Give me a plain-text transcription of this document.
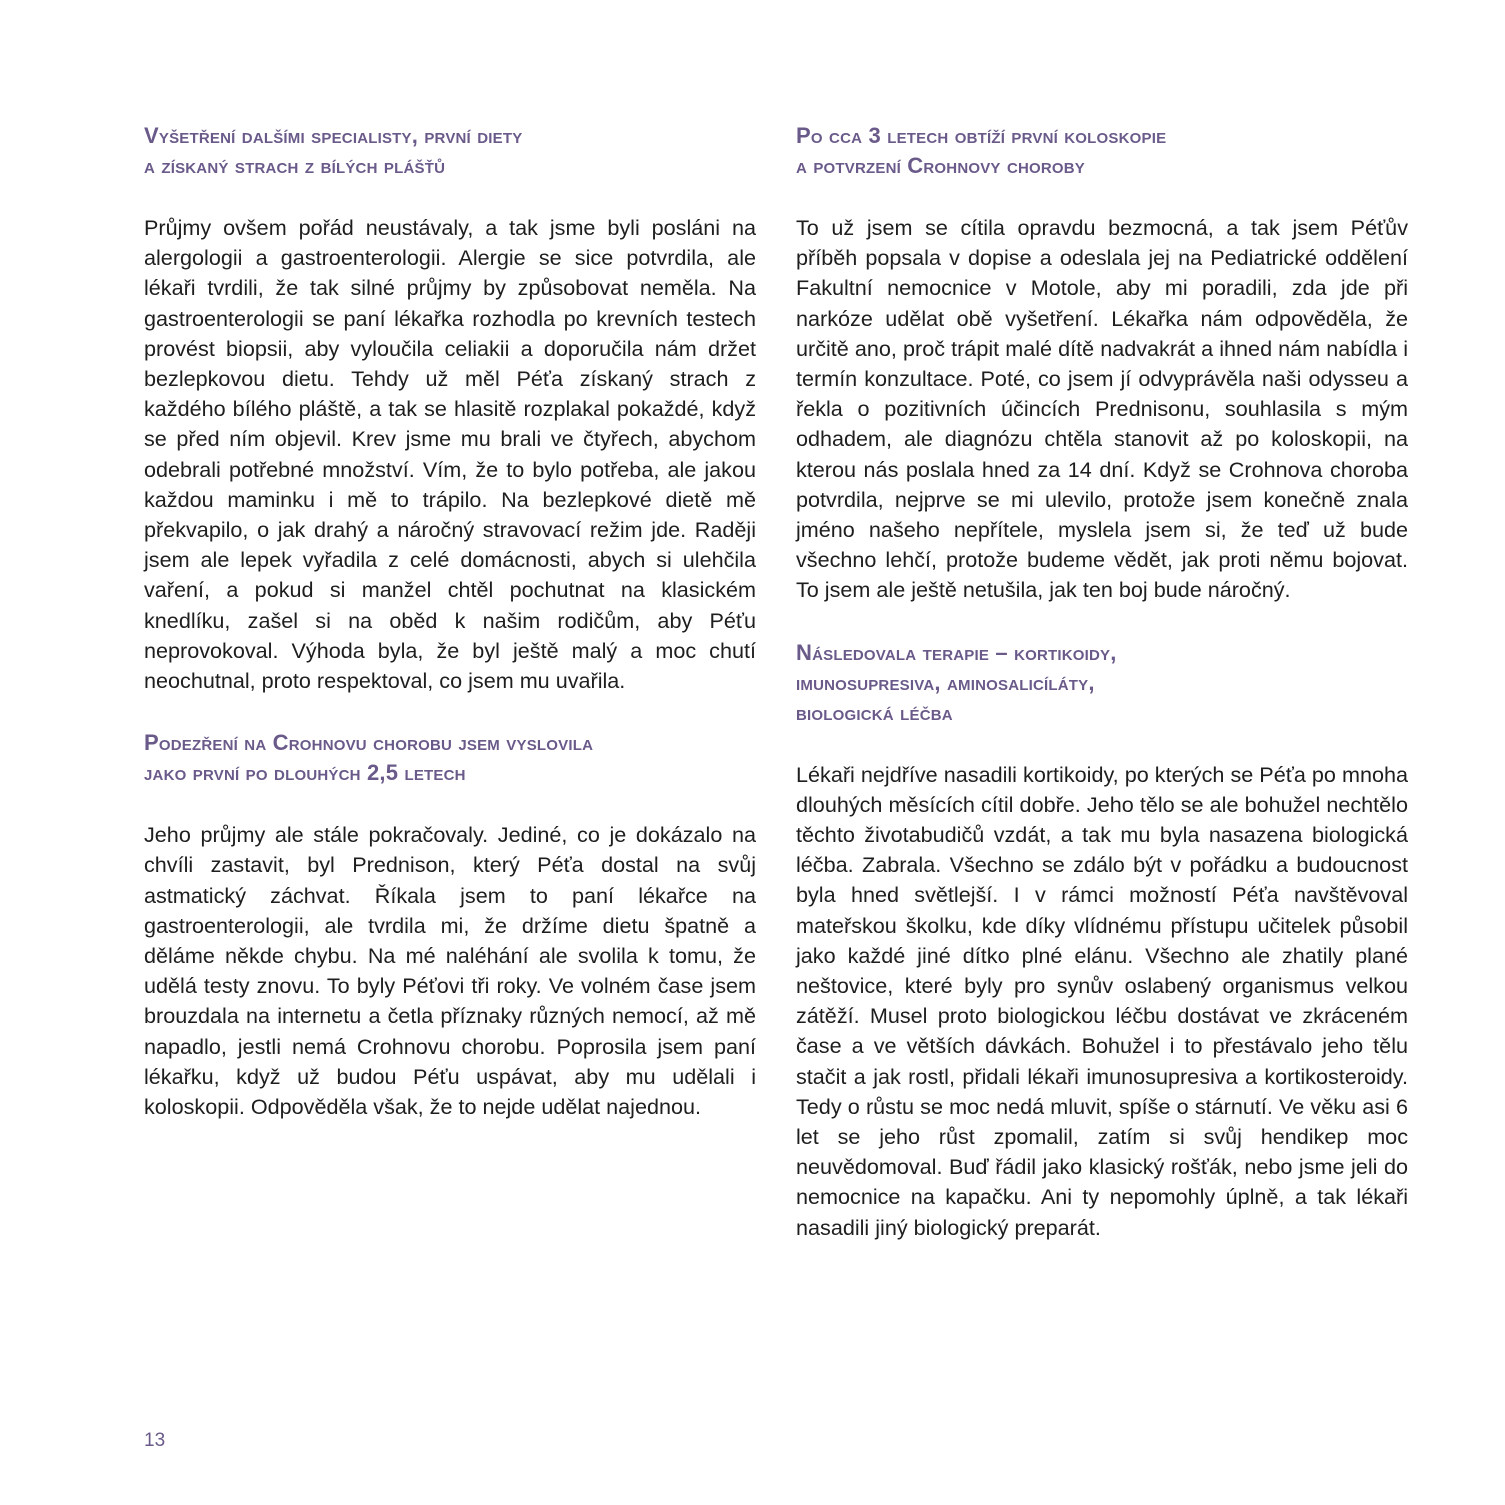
Vyšetření dalšími specialisty, první diety
a získaný strach z bílých plášťů

Průjmy ovšem pořád neustávaly, a tak jsme byli posláni na alergologii a gastroenterologii. Alergie se sice potvrdila, ale lékaři tvrdili, že tak silné průjmy by způsobovat neměla. Na gastroenterologii se paní lékařka rozhodla po krevních testech provést biopsii, aby vyloučila celiakii a doporučila nám držet bezlepkovou dietu. Tehdy už měl Péťa získaný strach z každého bílého pláště, a tak se hlasitě rozplakal pokaždé, když se před ním objevil. Krev jsme mu brali ve čtyřech, abychom odebrali potřebné množství. Vím, že to bylo potřeba, ale jakou každou maminku i mě to trápilo. Na bezlepkové dietě mě překvapilo, o jak drahý a náročný stravovací režim jde. Raději jsem ale lepek vyřadila z celé domácnosti, abych si ulehčila vaření, a pokud si manžel chtěl pochutnat na klasickém knedlíku, zašel si na oběd k našim rodičům, aby Péťu neprovokoval. Výhoda byla, že byl ještě malý a moc chutí neochutnal, proto respektoval, co jsem mu uvařila.

Podezření na Crohnovu chorobu jsem vyslovila
jako první po dlouhých 2,5 letech

Jeho průjmy ale stále pokračovaly. Jediné, co je dokázalo na chvíli zastavit, byl Prednison, který Péťa dostal na svůj astmatický záchvat. Říkala jsem to paní lékařce na gastroenterologii, ale tvrdila mi, že držíme dietu špatně a děláme někde chybu. Na mé naléhání ale svolila k tomu, že udělá testy znovu. To byly Péťovi tři roky. Ve volném čase jsem brouzdala na internetu a četla příznaky různých nemocí, až mě napadlo, jestli nemá Crohnovu chorobu. Poprosila jsem paní lékařku, když už budou Péťu uspávat, aby mu udělali i koloskopii. Odpověděla však, že to nejde udělat najednou.

Po cca 3 letech obtíží první koloskopie
a potvrzení Crohnovy choroby

To už jsem se cítila opravdu bezmocná, a tak jsem Péťův příběh popsala v dopise a odeslala jej na Pediatrické oddělení Fakultní nemocnice v Motole, aby mi poradili, zda jde při narkóze udělat obě vyšetření. Lékařka nám odpověděla, že určitě ano, proč trápit malé dítě nadvakrát a ihned nám nabídla i termín konzultace. Poté, co jsem jí odvyprávěla naši odysseu a řekla o pozitivních účincích Prednisonu, souhlasila s mým odhadem, ale diagnózu chtěla stanovit až po koloskopii, na kterou nás poslala hned za 14 dní. Když se Crohnova choroba potvrdila, nejprve se mi ulevilo, protože jsem konečně znala jméno našeho nepřítele, myslela jsem si, že teď už bude všechno lehčí, protože budeme vědět, jak proti němu bojovat. To jsem ale ještě netušila, jak ten boj bude náročný.

Následovala terapie – kortikoidy,
imunosupresiva, aminosalicíláty,
biologická léčba

Lékaři nejdříve nasadili kortikoidy, po kterých se Péťa po mnoha dlouhých měsících cítil dobře. Jeho tělo se ale bohužel nechtělo těchto životabudičů vzdát, a tak mu byla nasazena biologická léčba. Zabrala. Všechno se zdálo být v pořádku a budoucnost byla hned světlejší. I v rámci možností Péťa navštěvoval mateřskou školku, kde díky vlídnému přístupu učitelek působil jako každé jiné dítko plné elánu. Všechno ale zhatily plané neštovice, které byly pro synův oslabený organismus velkou zátěží. Musel proto biologickou léčbu dostávat ve zkráceném čase a ve větších dávkách. Bohužel i to přestávalo jeho tělu stačit a jak rostl, přidali lékaři imunosupresiva a kortikosteroidy. Tedy o růstu se moc nedá mluvit, spíše o stárnutí. Ve věku asi 6 let se jeho růst zpomalil, zatím si svůj hendikep moc neuvědomoval. Buď řádil jako klasický rošťák, nebo jsme jeli do nemocnice na kapačku. Ani ty nepomohly úplně, a tak lékaři nasadili jiný biologický preparát.

13
